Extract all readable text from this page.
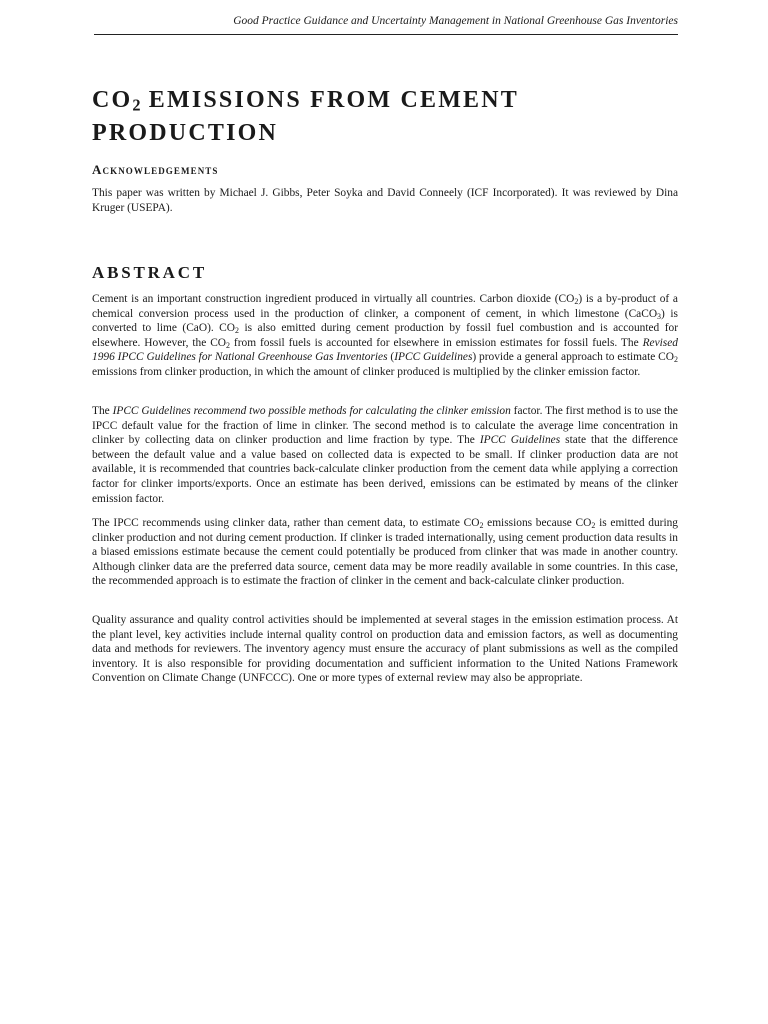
Good Practice Guidance and Uncertainty Management in National Greenhouse Gas Inventories
$CO_2$ EMISSIONS FROM CEMENT PRODUCTION
Acknowledgements

This paper was written by Michael J. Gibbs, Peter Soyka and David Conneely (ICF Incorporated). It was reviewed by Dina Kruger (USEPA).

ABSTRACT

Cement is an important construction ingredient produced in virtually all countries. Carbon dioxide $(CO_2)$ is a by-product of a chemical conversion process used in the production of clinker, a component of cement, in which limestone (CaCO$_3$) is converted to lime (CaO). $CO_2$ is also emitted during cement production by fossil fuel combustion and is accounted for elsewhere. However, the $CO_2$ from fossil fuels is accounted for elsewhere in emission estimates for fossil fuels. The Revised 1996 IPCC Guidelines for National Greenhouse Gas Inventories (IPCC Guidelines) provide a general approach to estimate $CO_2$ emissions from clinker production, in which the amount of clinker produced is multiplied by the clinker emission factor.

The IPCC Guidelines recommend two possible methods for calculating the clinker emission factor. The first method is to use the IPCC default value for the fraction of lime in clinker. The second method is to calculate the average lime concentration in clinker by collecting data on clinker production and lime fraction by type. The IPCC Guidelines state that the difference between the default value and a value based on collected data is expected to be small. If clinker production data are not available, it is recommended that countries back-calculate clinker production from the cement data while applying a correction factor for clinker imports/exports. Once an estimate has been derived, emissions can be estimated by means of the clinker emission factor.

The IPCC recommends using clinker data, rather than cement data, to estimate $CO_2$ emissions because $CO_2$ is emitted during clinker production and not during cement production. If clinker is traded internationally, using cement production data results in a biased emissions estimate because the cement could potentially be produced from clinker that was made in another country. Although clinker data are the preferred data source, cement data may be more readily available in some countries. In this case, the recommended approach is to estimate the fraction of clinker in the cement and back-calculate clinker production.

Quality assurance and quality control activities should be implemented at several stages in the emission estimation process. At the plant level, key activities include internal quality control on production data and emission factors, as well as documenting data and methods for reviewers. The inventory agency must ensure the accuracy of plant submissions as well as the compiled inventory. It is also responsible for providing documentation and sufficient information to the United Nations Framework Convention on Climate Change (UNFCCC). One or more types of external review may also be appropriate.
